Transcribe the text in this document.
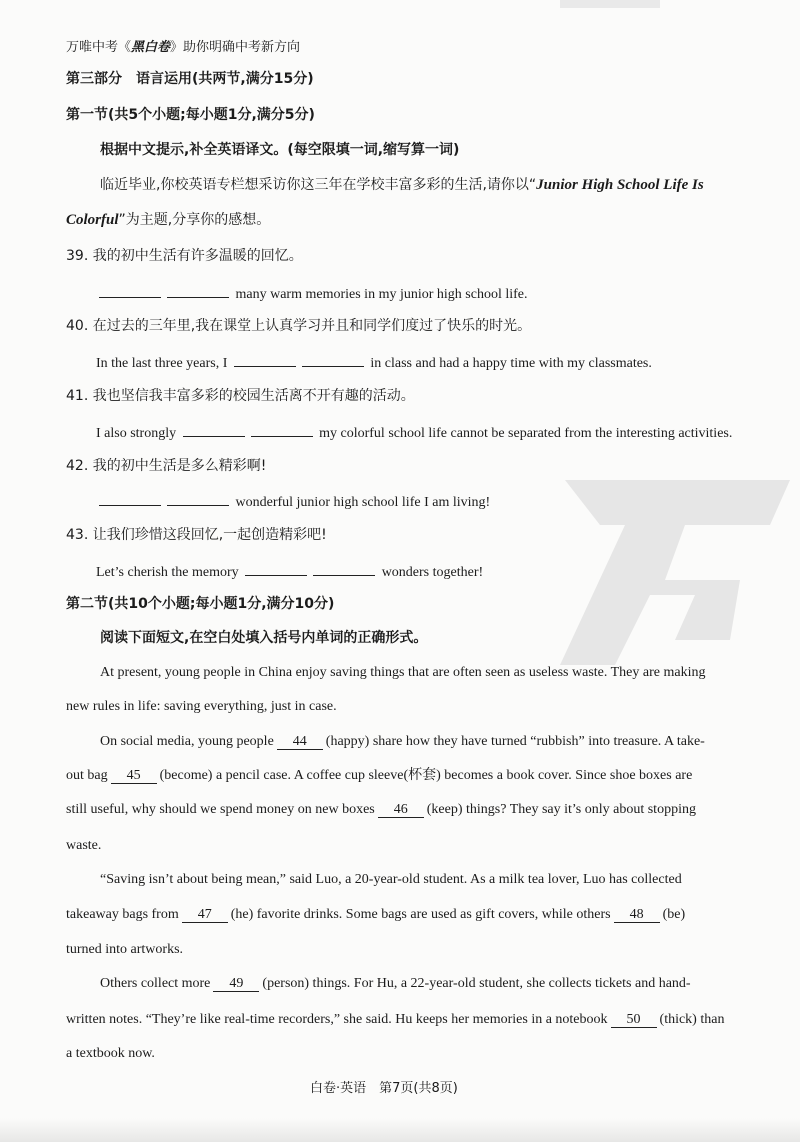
万唯中考《黑白卷》助你明确中考新方向
第三部分　语言运用(共两节,满分15分)
第一节(共5个小题;每小题1分,满分5分)
根据中文提示,补全英语译文。(每空限填一词,缩写算一词)
临近毕业,你校英语专栏想采访你这三年在学校丰富多彩的生活,请你以“Junior High School Life Is
Colorful”为主题,分享你的感想。
39. 我的初中生活有许多温暖的回忆。
many warm memories in my junior high school life.
40. 在过去的三年里,我在课堂上认真学习并且和同学们度过了快乐的时光。
In the last three years, I	in class and had a happy time with my classmates.
41. 我也坚信我丰富多彩的校园生活离不开有趣的活动。
I also strongly	my colorful school life cannot be separated from the interesting activities.
42. 我的初中生活是多么精彩啊!
wonderful junior high school life I am living!
43. 让我们珍惜这段回忆,一起创造精彩吧!
Let’s cherish the memory	wonders together!
第二节(共10个小题;每小题1分,满分10分)
阅读下面短文,在空白处填入括号内单词的正确形式。
At present, young people in China enjoy saving things that are often seen as useless waste. They are making
new rules in life: saving everything, just in case.
On social media, young people 44 (happy) share how they have turned “rubbish” into treasure. A take-
out bag 45 (become) a pencil case. A coffee cup sleeve(杯套) becomes a book cover. Since shoe boxes are
still useful, why should we spend money on new boxes 46 (keep) things? They say it’s only about stopping
waste.
“Saving isn’t about being mean,” said Luo, a 20-year-old student. As a milk tea lover, Luo has collected
takeaway bags from 47 (he) favorite drinks. Some bags are used as gift covers, while others 48 (be)
turned into artworks.
Others collect more 49 (person) things. For Hu, a 22-year-old student, she collects tickets and hand-
written notes. “They’re like real-time recorders,” she said. Hu keeps her memories in a notebook 50 (thick) than
a textbook now.
白卷·英语　第7页(共8页)
